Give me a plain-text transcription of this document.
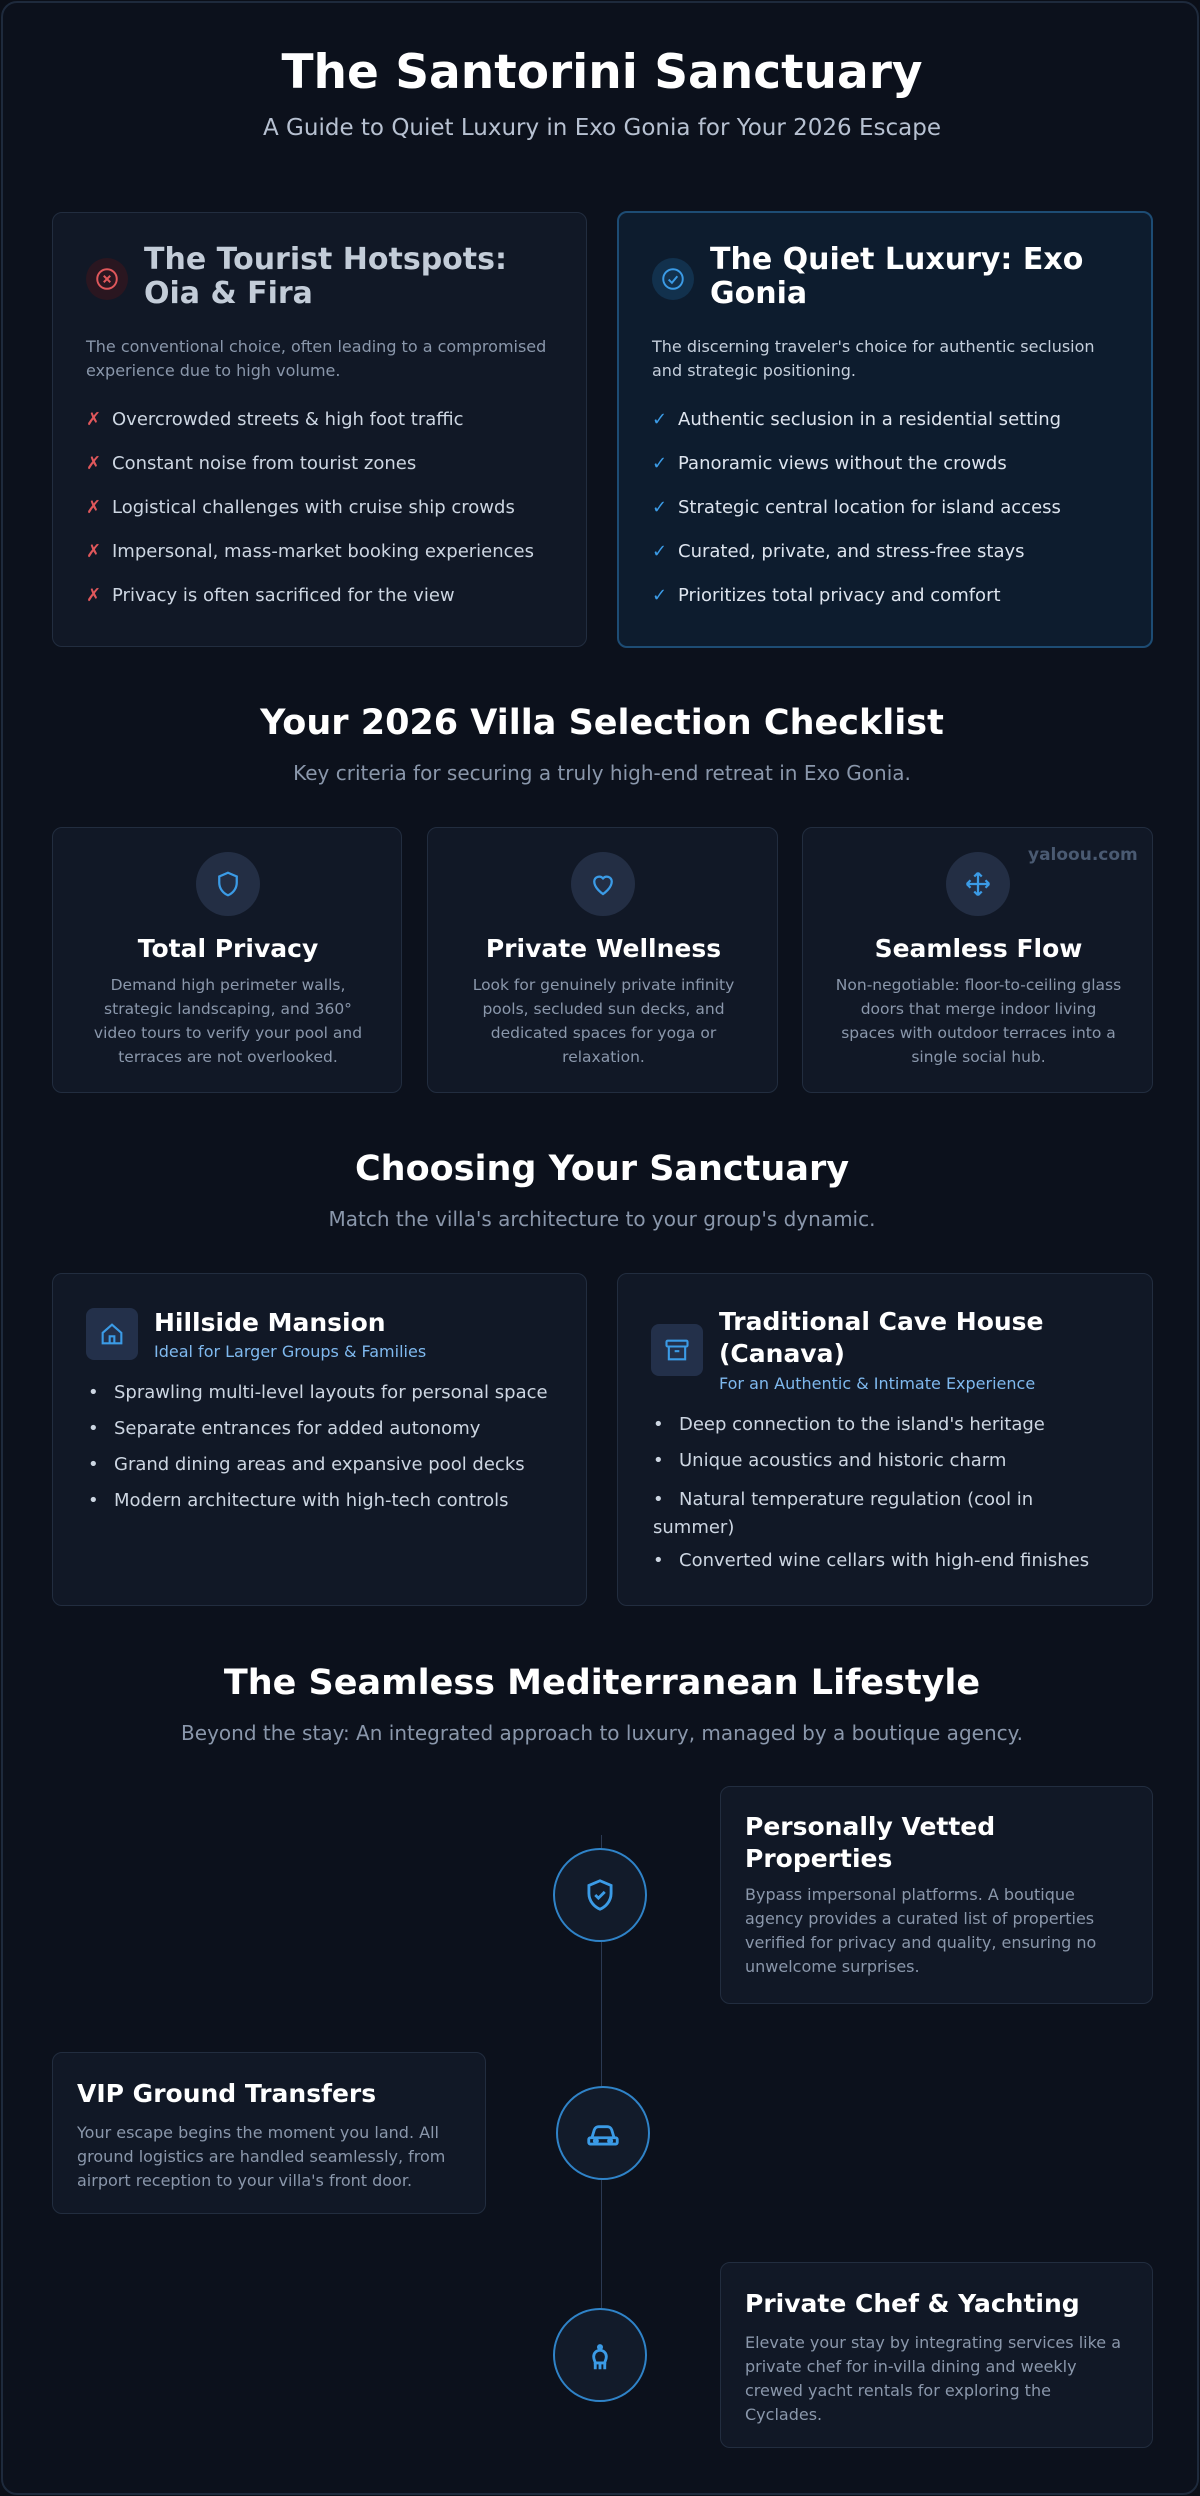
The Santorini Sanctuary
A Guide to Quiet Luxury in Exo Gonia for Your 2026 Escape
The Tourist Hotspots:
Oia & Fira
The conventional choice, often leading to a compromised
experience due to high volume.
✗ Overcrowded streets & high foot traffic
✗ Constant noise from tourist zones
✗ Logistical challenges with cruise ship crowds
✗ Impersonal, mass-market booking experiences
✗ Privacy is often sacrificed for the view
The Quiet Luxury: Exo
Gonia
The discerning traveler's choice for authentic seclusion
and strategic positioning.
✓ Authentic seclusion in a residential setting
✓ Panoramic views without the crowds
✓ Strategic central location for island access
✓ Curated, private, and stress-free stays
✓ Prioritizes total privacy and comfort
Your 2026 Villa Selection Checklist
Key criteria for securing a truly high-end retreat in Exo Gonia.
Total Privacy
Demand high perimeter walls,
strategic landscaping, and 360°
video tours to verify your pool and
terraces are not overlooked.
Private Wellness
Look for genuinely private infinity
pools, secluded sun decks, and
dedicated spaces for yoga or
relaxation.
Seamless Flow
Non-negotiable: floor-to-ceiling glass
doors that merge indoor living
spaces with outdoor terraces into a
single social hub.
yaloou.com
Choosing Your Sanctuary
Match the villa's architecture to your group's dynamic.
Hillside Mansion
Ideal for Larger Groups & Families
• Sprawling multi-level layouts for personal space
• Separate entrances for added autonomy
• Grand dining areas and expansive pool decks
• Modern architecture with high-tech controls
Traditional Cave House
(Canava)
For an Authentic & Intimate Experience
• Deep connection to the island's heritage
• Unique acoustics and historic charm
• Natural temperature regulation (cool in
summer)
• Converted wine cellars with high-end finishes
The Seamless Mediterranean Lifestyle
Beyond the stay: An integrated approach to luxury, managed by a boutique agency.
Personally Vetted
Properties
Bypass impersonal platforms. A boutique
agency provides a curated list of properties
verified for privacy and quality, ensuring no
unwelcome surprises.
VIP Ground Transfers
Your escape begins the moment you land. All
ground logistics are handled seamlessly, from
airport reception to your villa's front door.
Private Chef & Yachting
Elevate your stay by integrating services like a
private chef for in-villa dining and weekly
crewed yacht rentals for exploring the
Cyclades.
